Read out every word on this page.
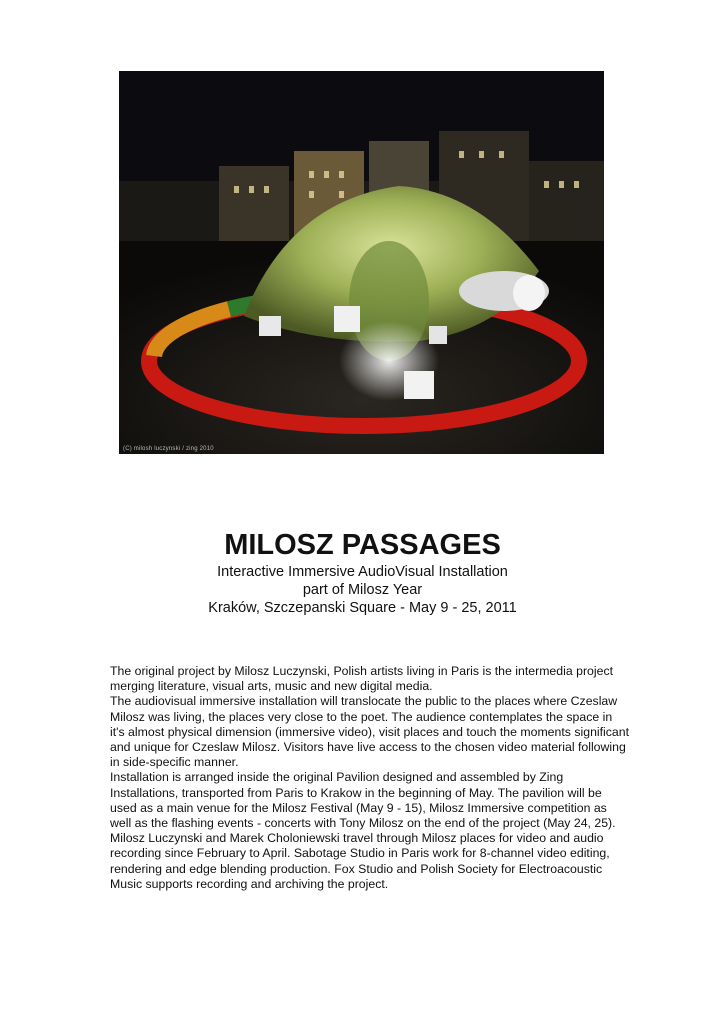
(C) milosh luczynski / zing 2010
MILOSZ PASSAGES

Interactive Immersive AudioVisual Installation

part of Milosz Year

Kraków, Szczepanski Square - May 9 - 25, 2011

The original project by Milosz Luczynski, Polish artists living in Paris is the intermedia project merging literature, visual arts, music and new digital media.

The audiovisual immersive installation will translocate the public to the places where Czeslaw Milosz was living, the places very close to the poet. The audience contemplates the space in it's almost physical dimension (immersive video), visit places and touch the moments significant and unique for Czeslaw Milosz. Visitors have live access to the chosen video material following in side-specific manner.

Installation is arranged inside the original Pavilion designed and assembled by Zing Installations, transported from Paris to Krakow in the beginning of May. The pavilion will be used as a main venue for the Milosz Festival (May 9 - 15), Milosz Immersive competition as well as the flashing events - concerts with Tony Milosz on the end of the project (May 24, 25).

Milosz Luczynski and Marek Choloniewski travel through Milosz places for video and audio recording since February to April. Sabotage Studio in Paris work for 8-channel video editing, rendering and edge blending production. Fox Studio and Polish Society for Electroacoustic Music supports recording and archiving the project.
